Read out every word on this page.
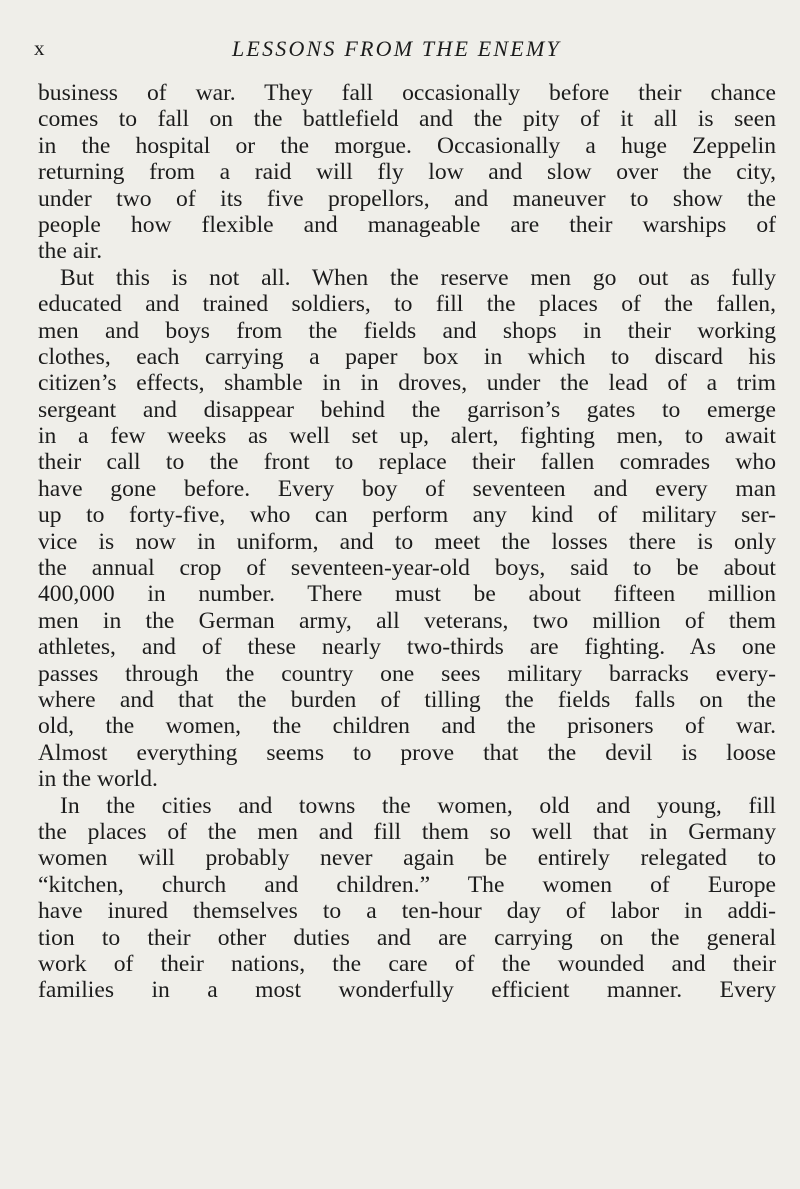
x	LESSONS FROM THE ENEMY
business of war. They fall occasionally before their chance
comes to fall on the battlefield and the pity of it all is seen
in the hospital or the morgue. Occasionally a huge Zeppelin
returning from a raid will fly low and slow over the city,
under two of its five propellors, and maneuver to show the
people how flexible and manageable are their warships of
the air.
But this is not all. When the reserve men go out as fully
educated and trained soldiers, to fill the places of the fallen,
men and boys from the fields and shops in their working
clothes, each carrying a paper box in which to discard his
citizen’s effects, shamble in in droves, under the lead of a trim
sergeant and disappear behind the garrison’s gates to emerge
in a few weeks as well set up, alert, fighting men, to await
their call to the front to replace their fallen comrades who
have gone before. Every boy of seventeen and every man
up to forty-five, who can perform any kind of military ser-
vice is now in uniform, and to meet the losses there is only
the annual crop of seventeen-year-old boys, said to be about
400,000 in number. There must be about fifteen million
men in the German army, all veterans, two million of them
athletes, and of these nearly two-thirds are fighting. As one
passes through the country one sees military barracks every-
where and that the burden of tilling the fields falls on the
old, the women, the children and the prisoners of war.
Almost everything seems to prove that the devil is loose
in the world.
In the cities and towns the women, old and young, fill
the places of the men and fill them so well that in Germany
women will probably never again be entirely relegated to
“kitchen, church and children.” The women of Europe
have inured themselves to a ten-hour day of labor in addi-
tion to their other duties and are carrying on the general
work of their nations, the care of the wounded and their
families in a most wonderfully efficient manner. Every
